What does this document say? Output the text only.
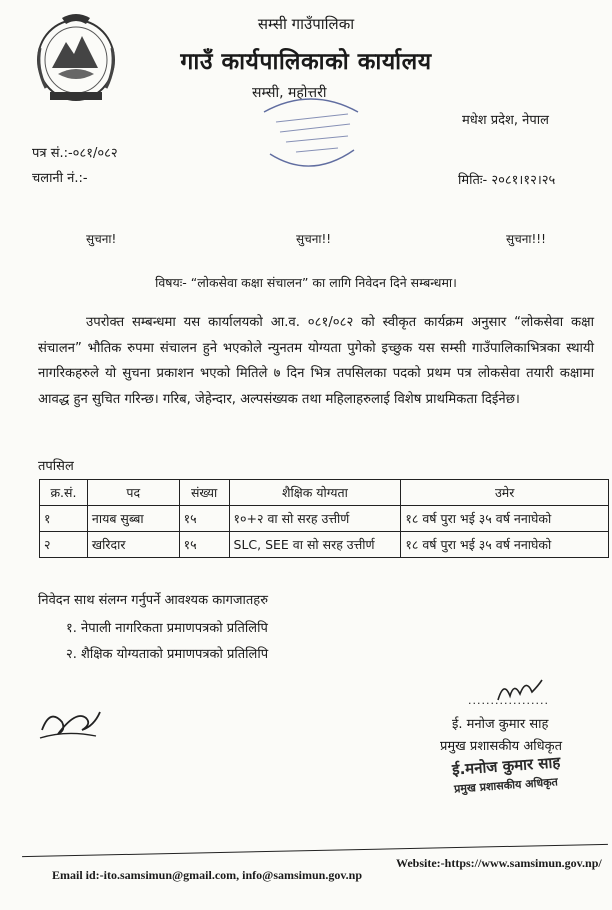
सम्सी गाउँपालिका
गाउँ कार्यपालिकाको कार्यालय
सम्सी, महोत्तरी
मधेश प्रदेश, नेपाल
पत्र सं.:-०८१/०८२
चलानी नं.:-	मितिः- २०८१।१२।२५
सुचना!	सुचना!!	सुचना!!!
विषयः- “लोकसेवा कक्षा संचालन” का लागि निवेदन दिने सम्बन्धमा।
उपरोक्त सम्बन्धमा यस कार्यालयको आ.व. ०८१/०८२ को स्वीकृत कार्यक्रम अनुसार “लोकसेवा कक्षा संचालन” भौतिक रुपमा संचालन हुने भएकोले न्युनतम योग्यता पुगेको इच्छुक यस सम्सी गाउँपालिकाभित्रका स्थायी नागरिकहरुले यो सुचना प्रकाशन भएको मितिले ७ दिन भित्र तपसिलका पदको प्रथम पत्र लोकसेवा तयारी कक्षामा आवद्ध हुन सुचित गरिन्छ। गरिब, जेहेन्दार, अल्पसंख्यक तथा महिलाहरुलाई विशेष प्राथमिकता दिईनेछ।
तपसिल
क्र.सं.	पद	संख्या	शैक्षिक योग्यता	उमेर
१	नायब सुब्बा	१५	१०+२ वा सो सरह उत्तीर्ण	१८ वर्ष पुरा भई ३५ वर्ष ननाघेको
२	खरिदार	१५	SLC, SEE वा सो सरह उत्तीर्ण	१८ वर्ष पुरा भई ३५ वर्ष ननाघेको
निवेदन साथ संलग्न गर्नुपर्ने आवश्यक कागजातहरु
१. नेपाली नागरिकता प्रमाणपत्रको प्रतिलिपि
२. शैक्षिक योग्यताको प्रमाणपत्रको प्रतिलिपि
..................
ई. मनोज कुमार साह
प्रमुख प्रशासकीय अधिकृत
ई.मनोज कुमार साह
प्रमुख प्रशासकीय अधिकृत
Email id:-ito.samsimun@gmail.com, info@samsimun.gov.np
Website:-https://www.samsimun.gov.np/
